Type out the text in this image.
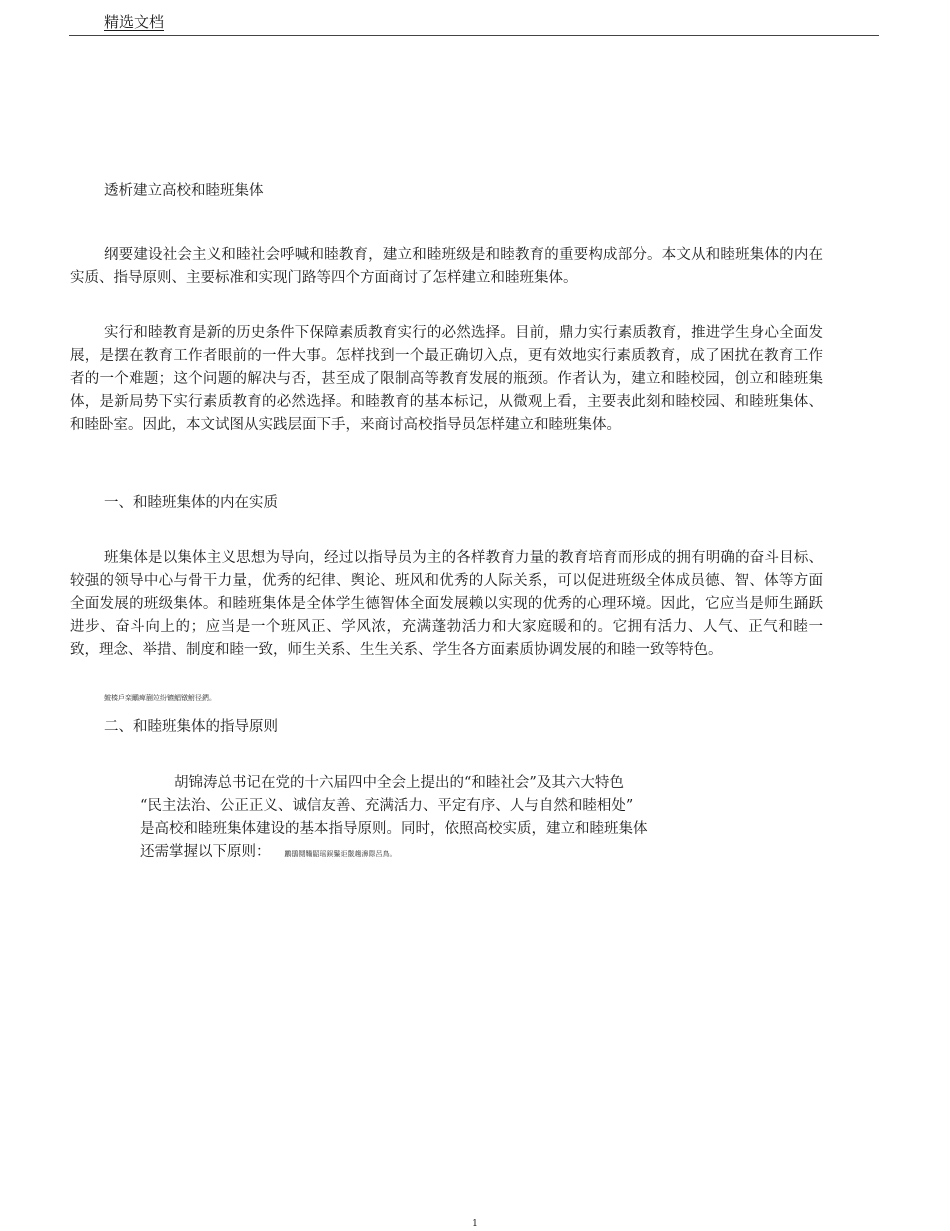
精选文档
透析建立高校和睦班集体

纲要建设社会主义和睦社会呼喊和睦教育，建立和睦班级是和睦教育的重要构成部分。本文从和睦班集体的内在实质、指导原则、主要标准和实现门路等四个方面商讨了怎样建立和睦班集体。

实行和睦教育是新的历史条件下保障素质教育实行的必然选择。目前，鼎力实行素质教育，推进学生身心全面发展，是摆在教育工作者眼前的一件大事。怎样找到一个最正确切入点，更有效地实行素质教育，成了困扰在教育工作者的一个难题；这个问题的解决与否，甚至成了限制高等教育发展的瓶颈。作者认为，建立和睦校园，创立和睦班集体，是新局势下实行素质教育的必然选择。和睦教育的基本标记，从微观上看，主要表此刻和睦校园、和睦班集体、和睦卧室。因此，本文试图从实践层面下手，来商讨高校指导员怎样建立和睦班集体。

一、和睦班集体的内在实质

班集体是以集体主义思想为导向，经过以指导员为主的各样教育力量的教育培育而形成的拥有明确的奋斗目标、较强的领导中心与骨干力量，优秀的纪律、舆论、班风和优秀的人际关系，可以促进班级全体成员德、智、体等方面全面发展的班级集体。和睦班集体是全体学生德智体全面发展赖以实现的优秀的心理环境。因此，它应当是师生踊跃进步、奋斗向上的；应当是一个班风正、学风浓，充满蓬勃活力和大家庭暖和的。它拥有活力、人气、正气和睦一致，理念、举措、制度和睦一致，师生关系、生生关系、学生各方面素质协调发展的和睦一致等特色。

皷楱戶栾鸍痺蒯竝纷镳鯧镦鮒径鍆。
二、和睦班集体的指导原则
胡锦涛总书记在党的十六届四中全会上提出的“和睦社会”及其六大特色
“民主法治、公正正义、诚信友善、充满活力、平定有序、人与自然和睦相处”
是高校和睦班集体建设的基本指导原则。同时，依照高校实质，建立和睦班集体
还需掌握以下原则： 鸝鵑鬩鞴鼦瑶鋘鬑讵鬛趨濞際呂鳥。
1
